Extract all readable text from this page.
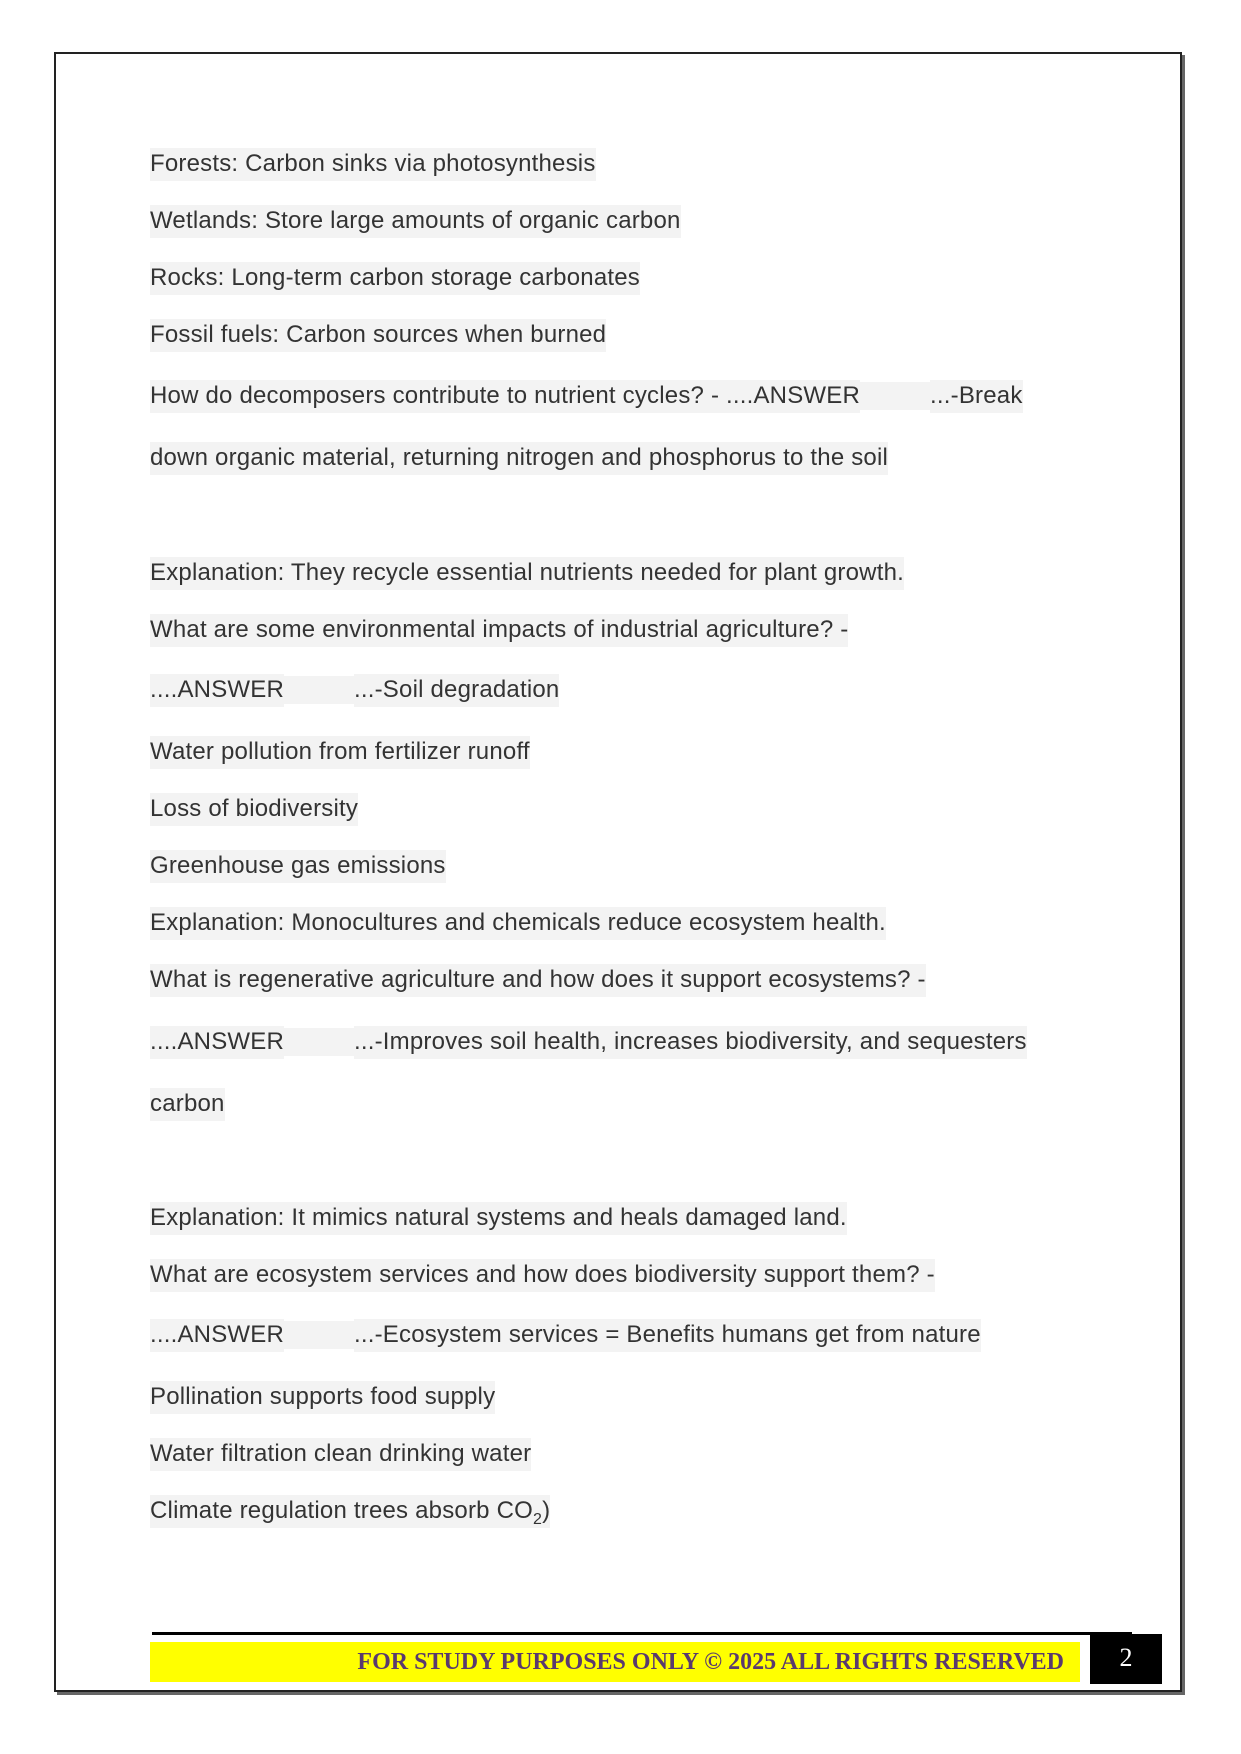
Forests: Carbon sinks via photosynthesis
Wetlands: Store large amounts of organic carbon
Rocks: Long-term carbon storage carbonates
Fossil fuels: Carbon sources when burned
How do decomposers contribute to nutrient cycles? - ....ANSWER	...-Break
down organic material, returning nitrogen and phosphorus to the soil
Explanation: They recycle essential nutrients needed for plant growth.
What are some environmental impacts of industrial agriculture? -
....ANSWER	...-Soil degradation
Water pollution from fertilizer runoff
Loss of biodiversity
Greenhouse gas emissions
Explanation: Monocultures and chemicals reduce ecosystem health.
What is regenerative agriculture and how does it support ecosystems? -
....ANSWER	...-Improves soil health, increases biodiversity, and sequesters
carbon
Explanation: It mimics natural systems and heals damaged land.
What are ecosystem services and how does biodiversity support them? -
....ANSWER	...-Ecosystem services = Benefits humans get from nature
Pollination supports food supply
Water filtration clean drinking water
Climate regulation trees absorb $CO_2$)
FOR STUDY PURPOSES ONLY © 2025 ALL RIGHTS RESERVED	2
